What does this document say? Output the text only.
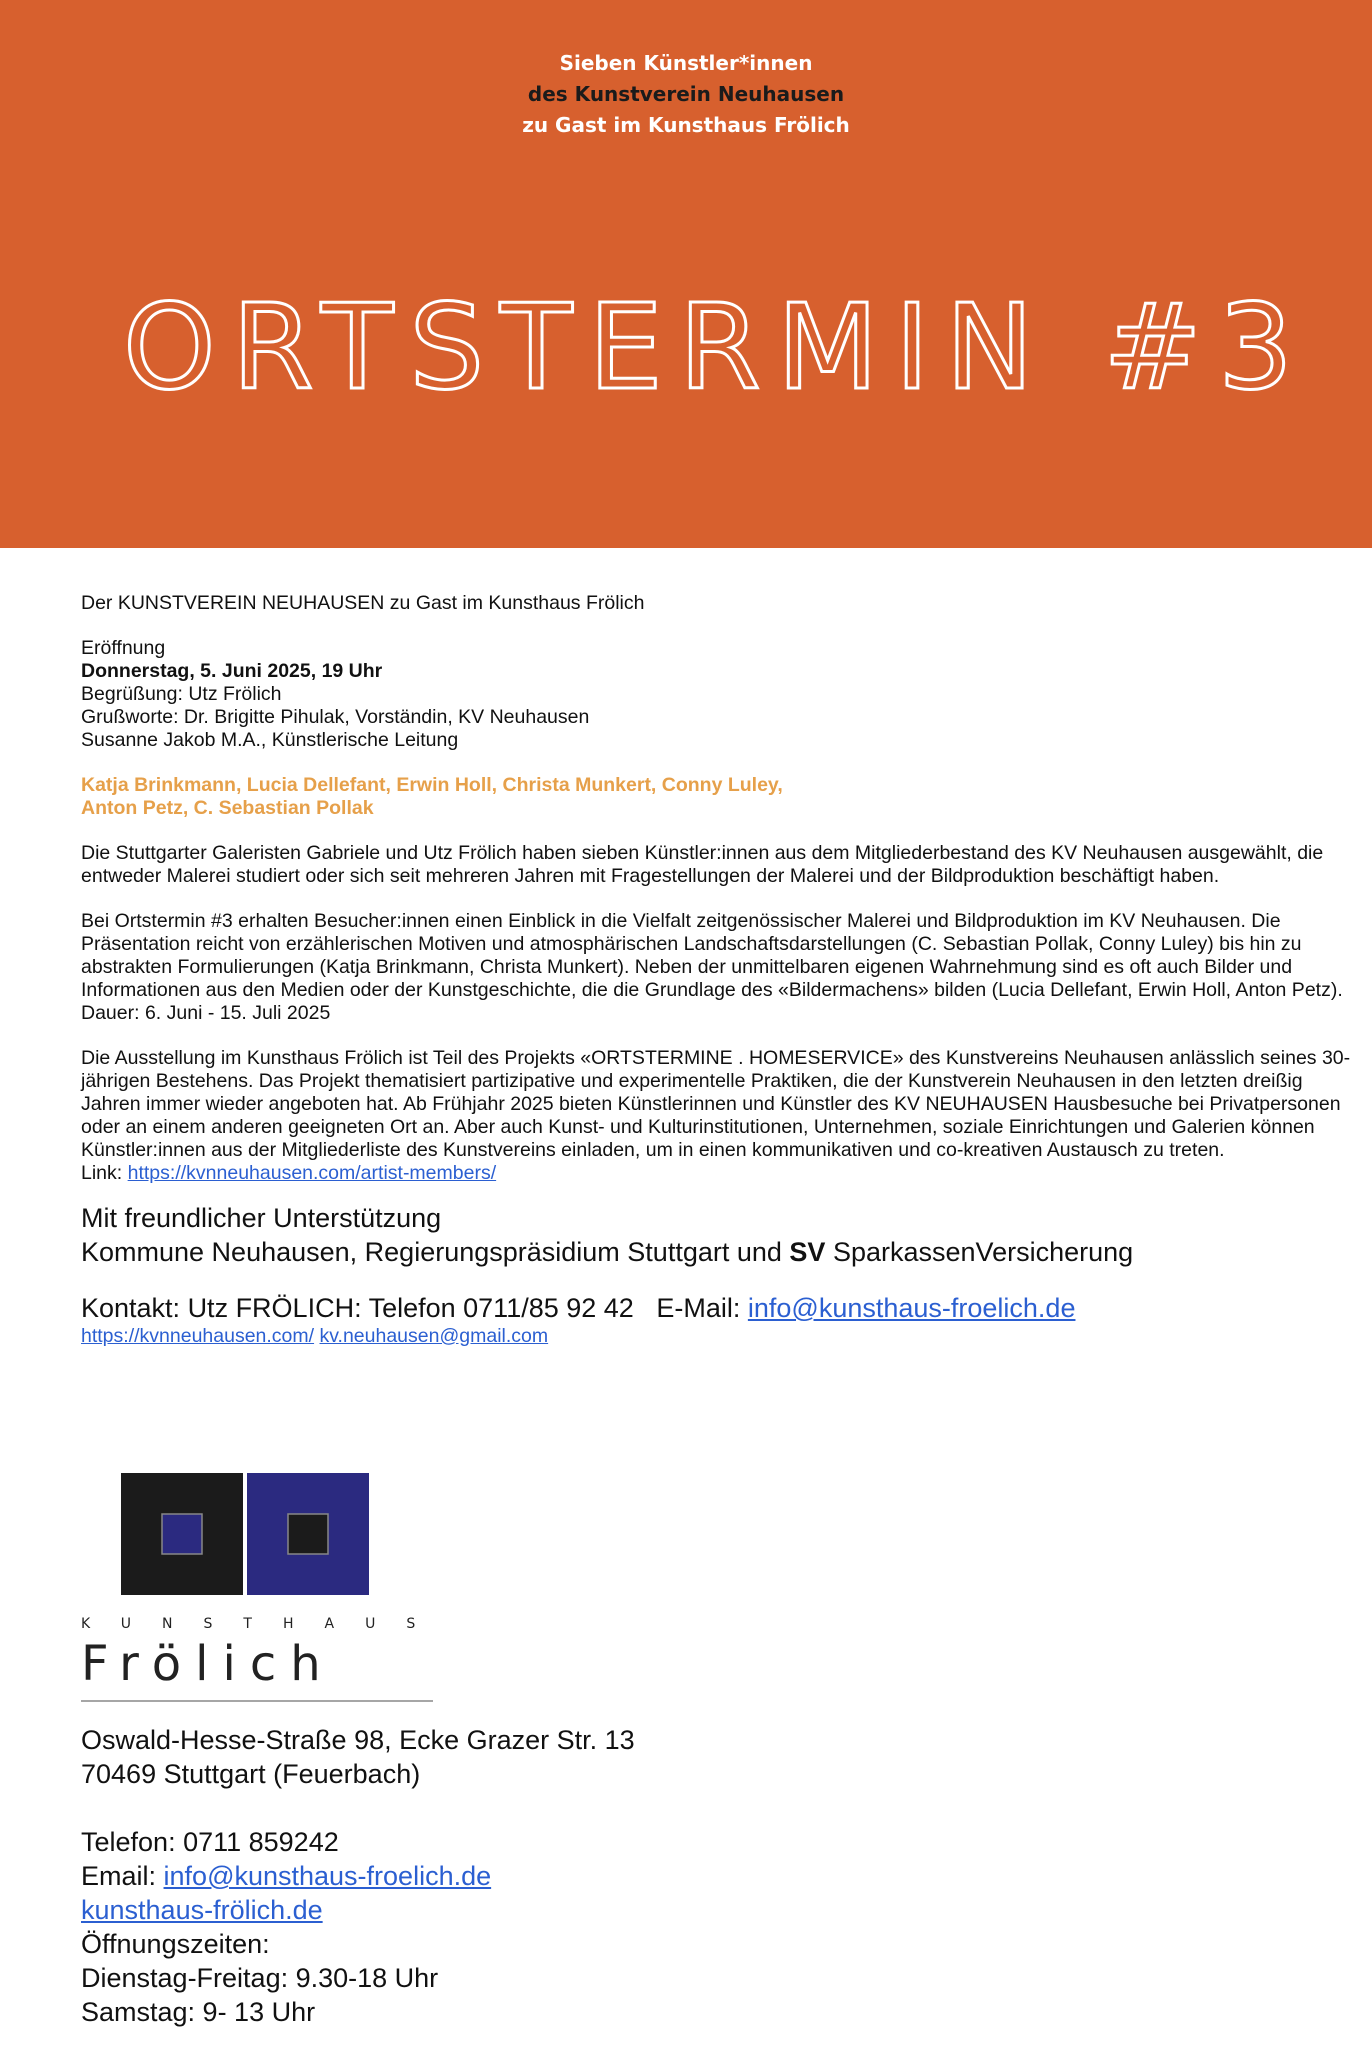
Sieben Künstler*innen
des Kunstverein Neuhausen
zu Gast im Kunsthaus Frölich
ORTSTERMIN #3

Der KUNSTVEREIN NEUHAUSEN zu Gast im Kunsthaus Frölich

Eröffnung

Donnerstag, 5. Juni 2025, 19 Uhr

Begrüßung: Utz Frölich

Grußworte: Dr. Brigitte Pihulak, Vorständin, KV Neuhausen

Susanne Jakob M.A., Künstlerische Leitung

Katja Brinkmann, Lucia Dellefant, Erwin Holl, Christa Munkert, Conny Luley,

Anton Petz, C. Sebastian Pollak

Die Stuttgarter Galeristen Gabriele und Utz Frölich haben sieben Künstler:innen aus dem Mitgliederbestand des KV Neuhausen ausgewählt, die entweder Malerei studiert oder sich seit mehreren Jahren mit Fragestellungen der Malerei und der Bildproduktion beschäftigt haben.

Bei Ortstermin #3 erhalten Besucher:innen einen Einblick in die Vielfalt zeitgenössischer Malerei und Bildproduktion im KV Neuhausen. Die Präsentation reicht von erzählerischen Motiven und atmosphärischen Landschaftsdarstellungen (C. Sebastian Pollak, Conny Luley) bis hin zu abstrakten Formulierungen (Katja Brinkmann, Christa Munkert). Neben der unmittelbaren eigenen Wahrnehmung sind es oft auch Bilder und Informationen aus den Medien oder der Kunstgeschichte, die die Grundlage des «Bildermachens» bilden (Lucia Dellefant, Erwin Holl, Anton Petz).

Dauer: 6. Juni - 15. Juli 2025

Die Ausstellung im Kunsthaus Frölich ist Teil des Projekts «ORTSTERMINE . HOMESERVICE» des Kunstvereins Neuhausen anlässlich seines 30-jährigen Bestehens. Das Projekt thematisiert partizipative und experimentelle Praktiken, die der Kunstverein Neuhausen in den letzten dreißig Jahren immer wieder angeboten hat. Ab Frühjahr 2025 bieten Künstlerinnen und Künstler des KV NEUHAUSEN Hausbesuche bei Privatpersonen oder an einem anderen geeigneten Ort an. Aber auch Kunst- und Kulturinstitutionen, Unternehmen, soziale Einrichtungen und Galerien können Künstler:innen aus der Mitgliederliste des Kunstvereins einladen, um in einen kommunikativen und co-kreativen Austausch zu treten.

Link: https://kvnneuhausen.com/artist-members/

Mit freundlicher Unterstützung

Kommune Neuhausen, Regierungspräsidium Stuttgart und SV SparkassenVersicherung

Kontakt: Utz FRÖLICH: Telefon 0711/85 92 42 E-Mail: info@kunsthaus-froelich.de

https://kvnneuhausen.com/ kv.neuhausen@gmail.com

KUNSTHAUS
Frölich

Oswald-Hesse-Straße 98, Ecke Grazer Str. 13

70469 Stuttgart (Feuerbach)

Telefon: 0711 859242

Email: info@kunsthaus-froelich.de

kunsthaus-frölich.de

Öffnungszeiten:

Dienstag-Freitag: 9.30-18 Uhr

Samstag: 9- 13 Uhr
